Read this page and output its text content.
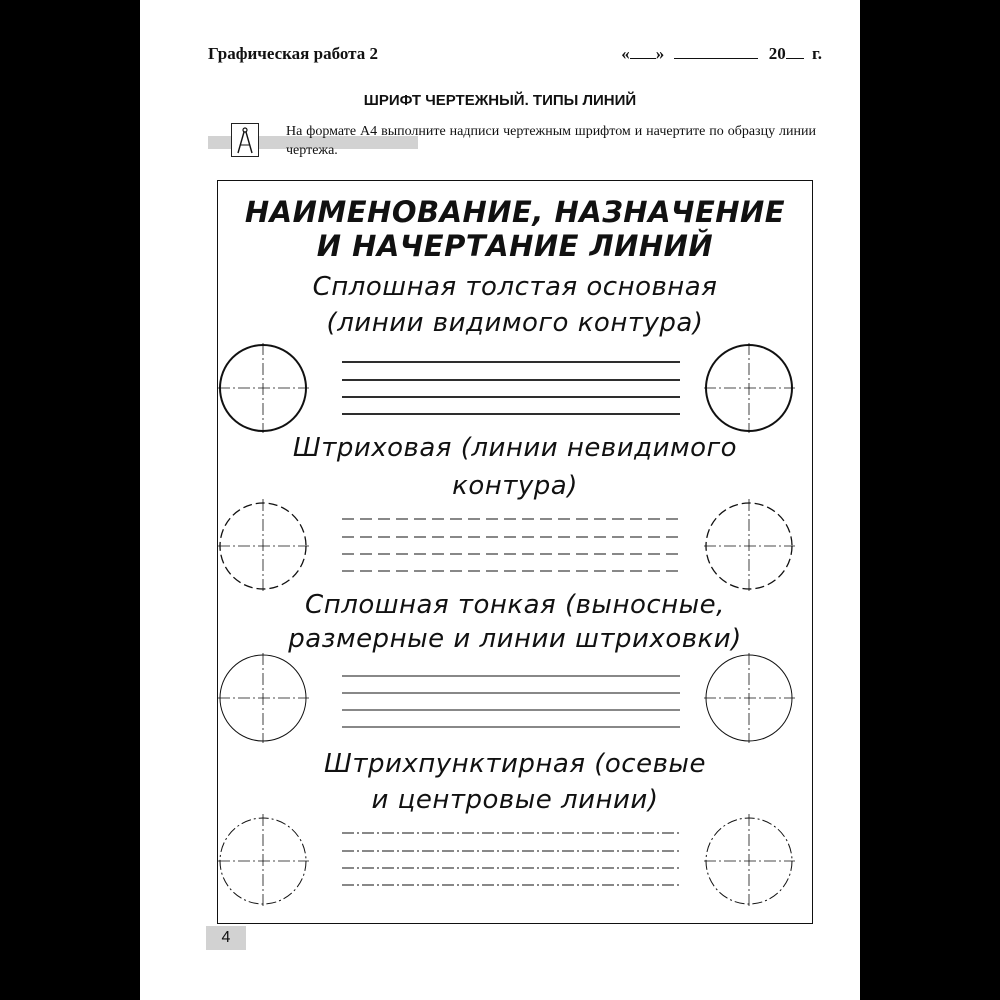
Графическая работа 2	« »	20 г.
ШРИФТ ЧЕРТЕЖНЫЙ. ТИПЫ ЛИНИЙ
На формате А4 выполните надписи чертежным шрифтом и начертите по образцу линии чертежа.
НАИМЕНОВАНИЕ, НАЗНАЧЕНИЕ
И НАЧЕРТАНИЕ ЛИНИЙ
Сплошная толстая основная
(линии видимого контура)
Штриховая (линии невидимого
контура)
Сплошная тонкая (выносные,
размерные и линии штриховки)
Штрихпунктирная (осевые
и центровые линии)
4
